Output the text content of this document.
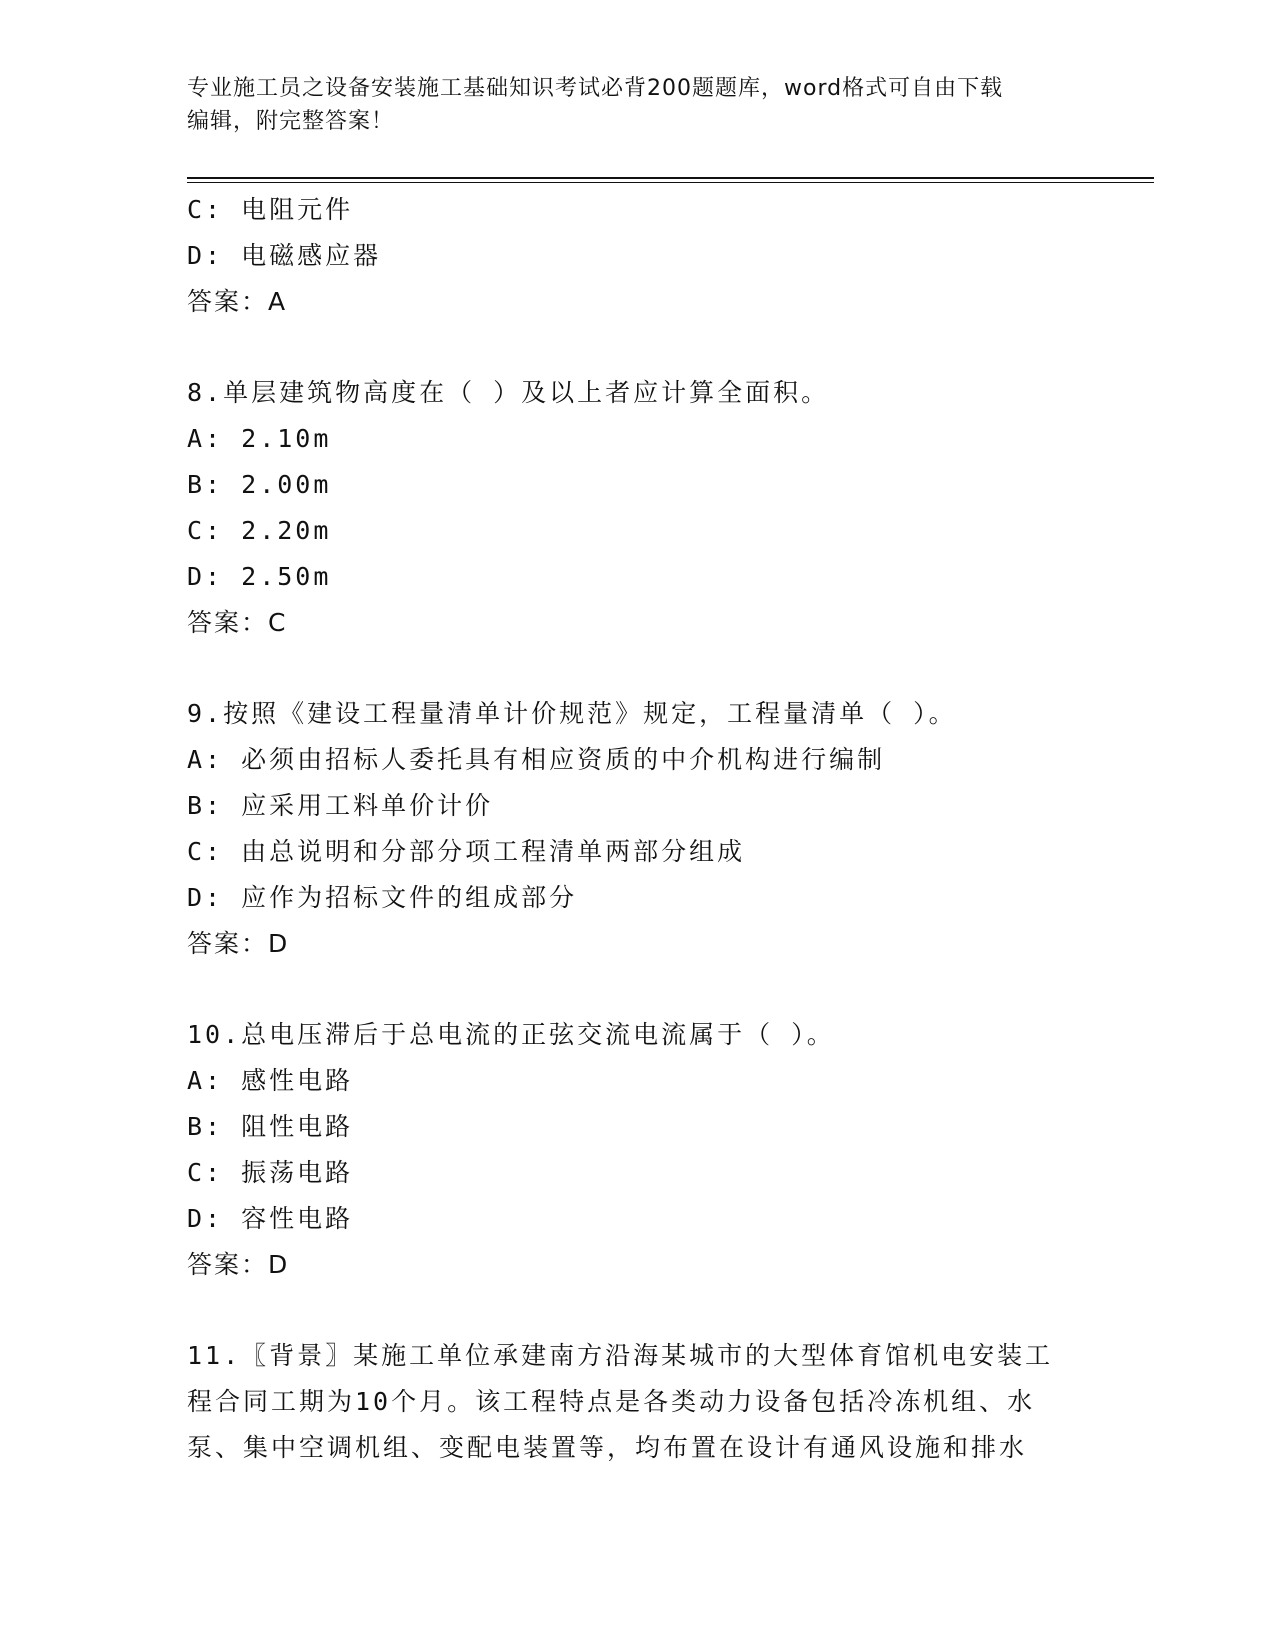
专业施工员之设备安装施工基础知识考试必背200题题库，word格式可自由下载
编辑，附完整答案！
C: 电阻元件
D: 电磁感应器
答案：A
8.单层建筑物高度在（ ）及以上者应计算全面积。
A: 2.10m
B: 2.00m
C: 2.20m
D: 2.50m
答案：C
9.按照《建设工程量清单计价规范》规定，工程量清单（ ）。
A: 必须由招标人委托具有相应资质的中介机构进行编制
B: 应采用工料单价计价
C: 由总说明和分部分项工程清单两部分组成
D: 应作为招标文件的组成部分
答案：D
10.总电压滞后于总电流的正弦交流电流属于（ ）。
A: 感性电路
B: 阻性电路
C: 振荡电路
D: 容性电路
答案：D
11.〖背景〗某施工单位承建南方沿海某城市的大型体育馆机电安装工
程合同工期为10个月。该工程特点是各类动力设备包括冷冻机组、水
泵、集中空调机组、变配电装置等，均布置在设计有通风设施和排水
